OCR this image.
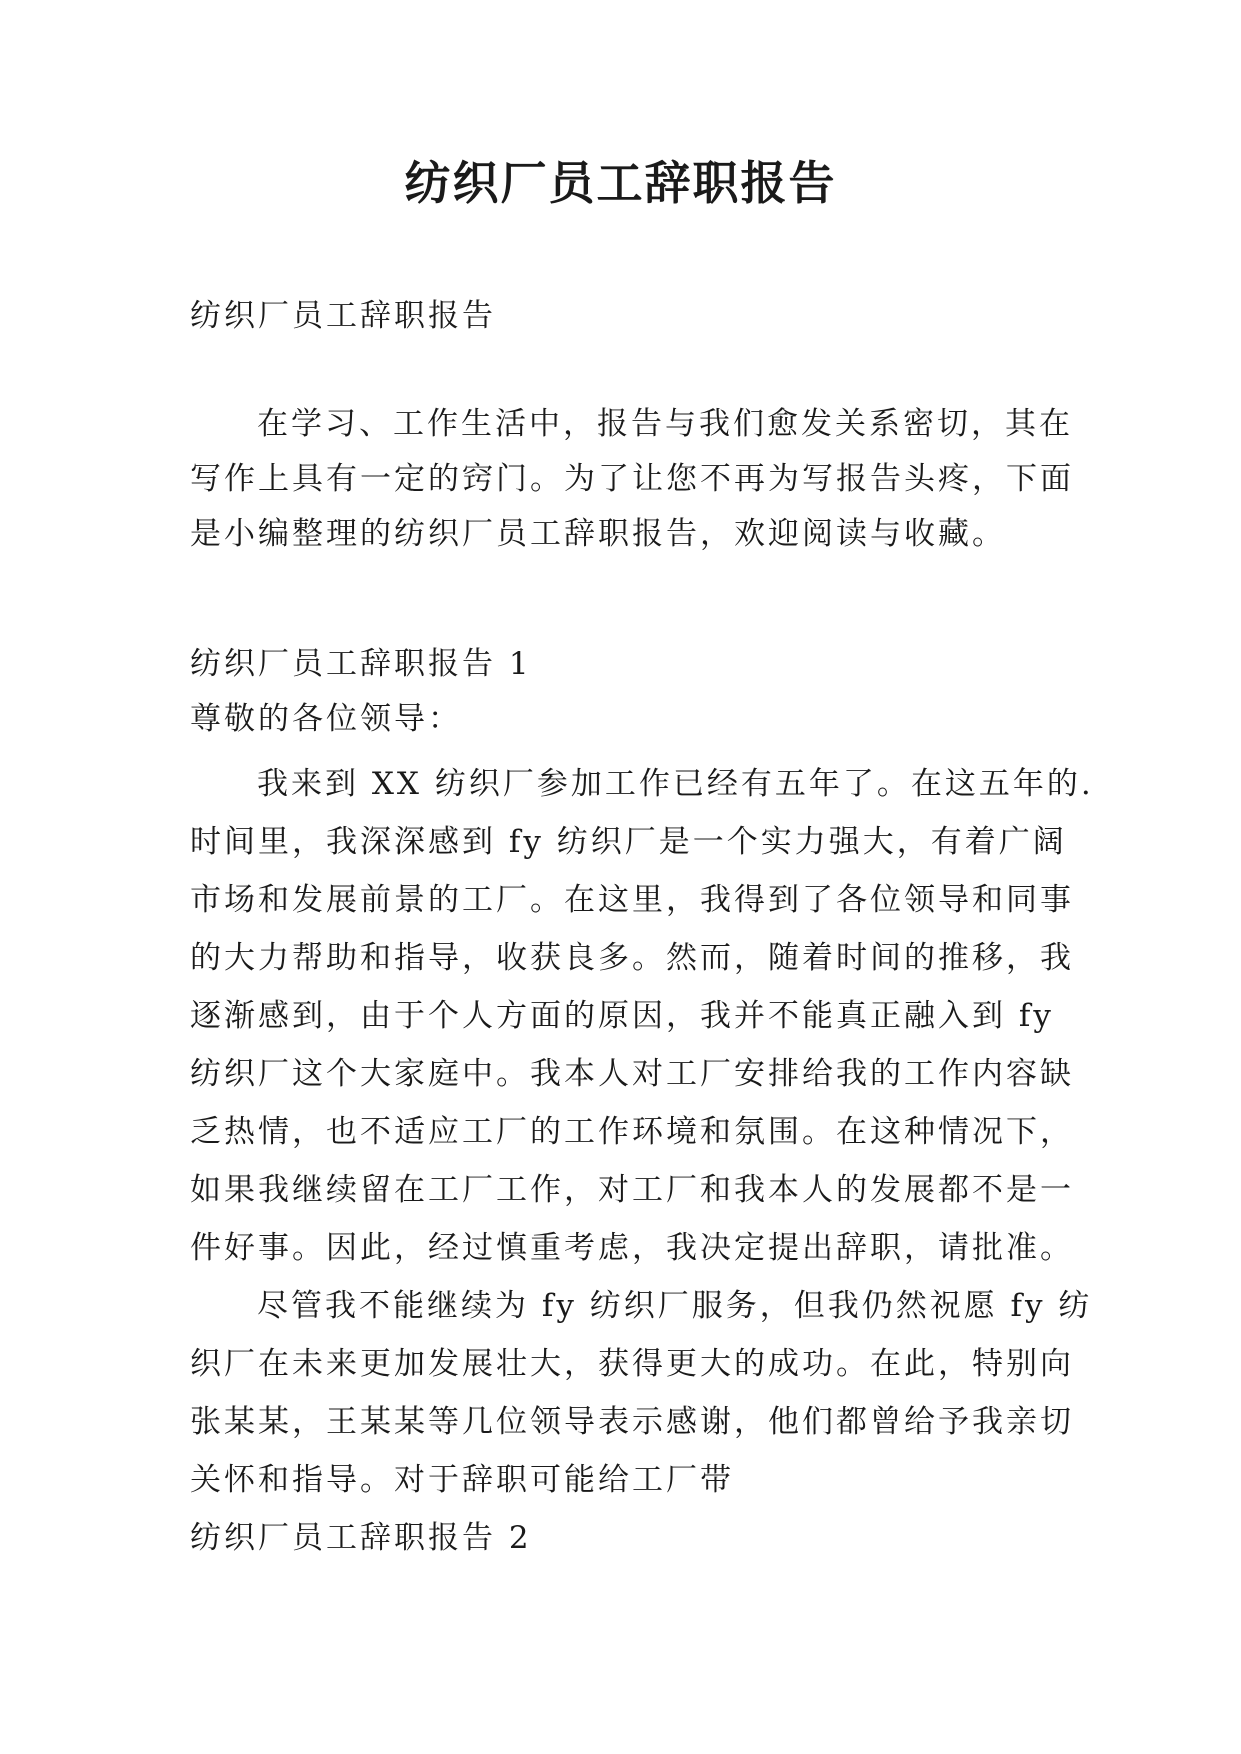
纺织厂员工辞职报告

纺织厂员工辞职报告

在学习、工作生活中，报告与我们愈发关系密切，其在

写作上具有一定的窍门。为了让您不再为写报告头疼，下面

是小编整理的纺织厂员工辞职报告，欢迎阅读与收藏。

纺织厂员工辞职报告 1

尊敬的各位领导：

我来到 XX 纺织厂参加工作已经有五年了。在这五年的.

时间里，我深深感到 fy 纺织厂是一个实力强大，有着广阔

市场和发展前景的工厂。在这里，我得到了各位领导和同事

的大力帮助和指导，收获良多。然而，随着时间的推移，我

逐渐感到，由于个人方面的原因，我并不能真正融入到 fy

纺织厂这个大家庭中。我本人对工厂安排给我的工作内容缺

乏热情，也不适应工厂的工作环境和氛围。在这种情况下，

如果我继续留在工厂工作，对工厂和我本人的发展都不是一

件好事。因此，经过慎重考虑，我决定提出辞职，请批准。

尽管我不能继续为 fy 纺织厂服务，但我仍然祝愿 fy 纺

织厂在未来更加发展壮大，获得更大的成功。在此，特别向

张某某，王某某等几位领导表示感谢，他们都曾给予我亲切

关怀和指导。对于辞职可能给工厂带

纺织厂员工辞职报告 2
